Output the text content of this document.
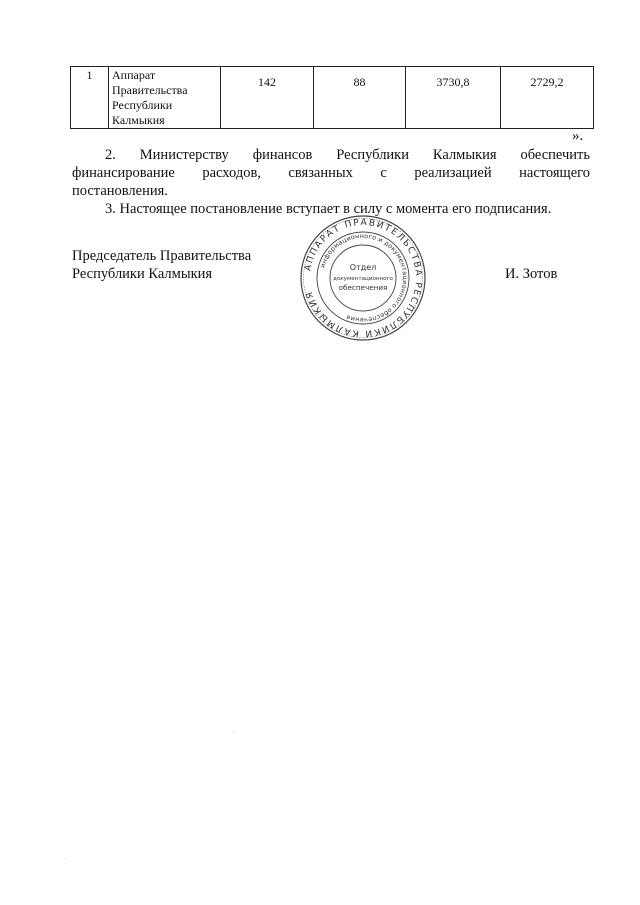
1	Аппарат
Правительства
Республики
Калмыкия
	142	88	3730,8	2729,2
».
2. Министерству финансов Республики Калмыкия обеспечить
финансирование расходов, связанных с реализацией настоящего
постановления.
3. Настоящее постановление вступает в силу с момента его подписания.
Председатель Правительства
Республики Калмыкия	И. Зотов
АППАРАТ ПРАВИТЕЛЬСТВА РЕСПУБЛИКИ КАЛМЫКИЯ
информационного и документационного обеспечения
Отдел
документационного
обеспечения
